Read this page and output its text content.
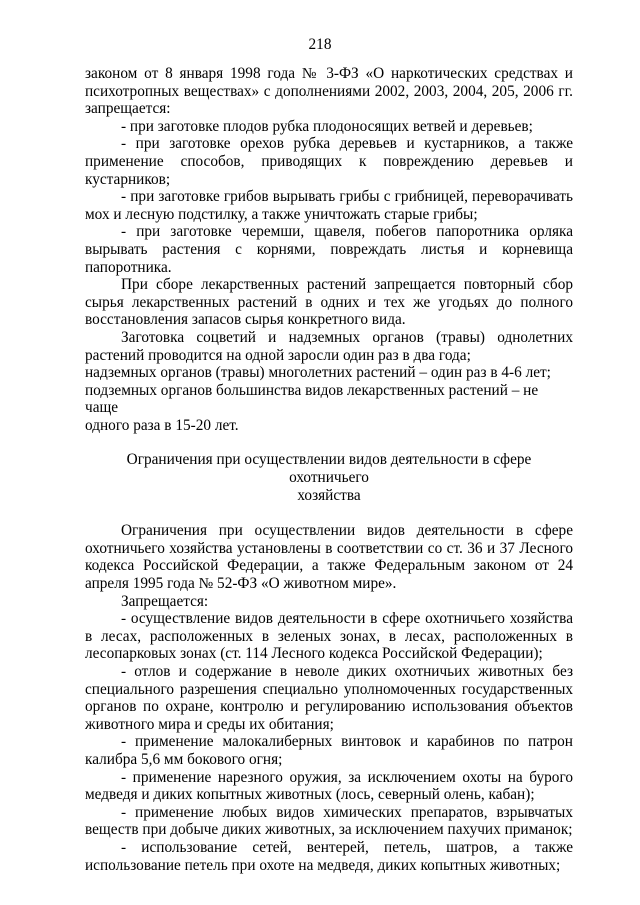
218

законом от 8 января 1998 года № 3-ФЗ «О наркотических средствах и

психотропных веществах» с дополнениями 2002, 2003, 2004, 205, 2006 гг.

запрещается:

- при заготовке плодов рубка плодоносящих ветвей и деревьев;

- при заготовке орехов рубка деревьев и кустарников, а также

применение способов, приводящих к повреждению деревьев и

кустарников;

- при заготовке грибов вырывать грибы с грибницей, переворачивать

мох и лесную подстилку, а также уничтожать старые грибы;

- при заготовке черемши, щавеля, побегов папоротника орляка

вырывать растения с корнями, повреждать листья и корневища

папоротника.

При сборе лекарственных растений запрещается повторный сбор

сырья лекарственных растений в одних и тех же угодьях до полного

восстановления запасов сырья конкретного вида.

Заготовка соцветий и надземных органов (травы) однолетних

растений проводится на одной заросли один раз в два года;

надземных органов (травы) многолетних растений – один раз в 4-6 лет;

подземных органов большинства видов лекарственных растений – не чаще

одного раза в 15-20 лет.

Ограничения при осуществлении видов деятельности в сфере охотничьего

хозяйства

Ограничения при осуществлении видов деятельности в сфере

охотничьего хозяйства установлены в соответствии со ст. 36 и 37 Лесного

кодекса Российской Федерации, а также Федеральным законом от 24

апреля 1995 года № 52-ФЗ «О животном мире».

Запрещается:

- осуществление видов деятельности в сфере охотничьего хозяйства

в лесах, расположенных в зеленых зонах, в лесах, расположенных в

лесопарковых зонах (ст. 114 Лесного кодекса Российской Федерации);

- отлов и содержание в неволе диких охотничьих животных без

специального разрешения специально уполномоченных государственных

органов по охране, контролю и регулированию использования объектов

животного мира и среды их обитания;

- применение малокалиберных винтовок и карабинов по патрон

калибра 5,6 мм бокового огня;

- применение нарезного оружия, за исключением охоты на бурого

медведя и диких копытных животных (лось, северный олень, кабан);

- применение любых видов химических препаратов, взрывчатых

веществ при добыче диких животных, за исключением пахучих приманок;

- использование сетей, вентерей, петель, шатров, а также

использование петель при охоте на медведя, диких копытных животных;
